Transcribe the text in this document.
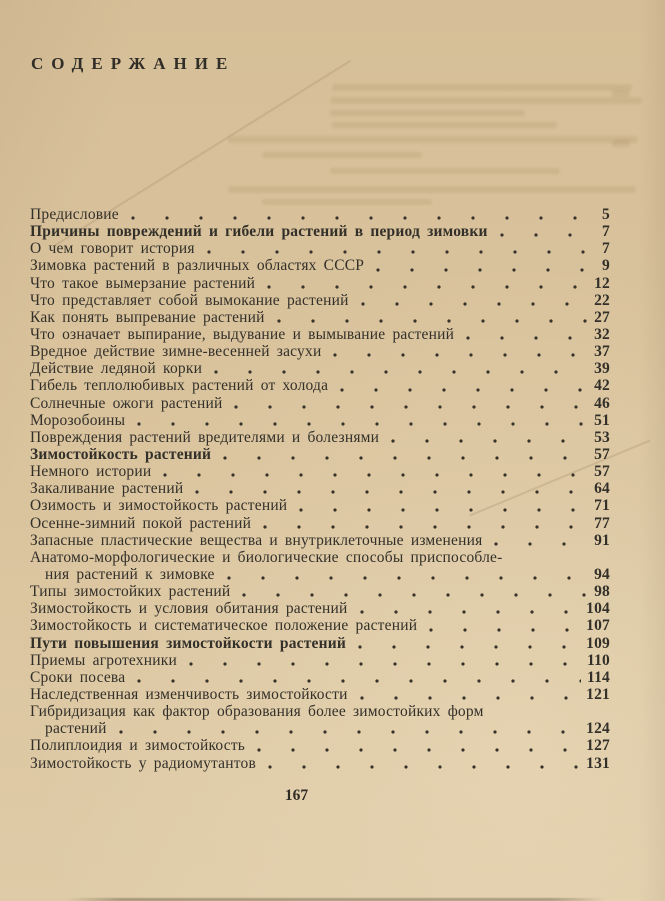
СОДЕРЖАНИЕ
Предисловие	5
Причины повреждений и гибели растений в период зимовки	7
О чем говорит история	7
Зимовка растений в различных областях СССР	9
Что такое вымерзание растений	12
Что представляет собой вымокание растений	22
Как понять выпревание растений	27
Что означает выпирание, выдувание и вымывание растений	32
Вредное действие зимне-весенней засухи	37
Действие ледяной корки	39
Гибель теплолюбивых растений от холода	42
Солнечные ожоги растений	46
Морозобоины	51
Повреждения растений вредителями и болезнями	53
Зимостойкость растений	57
Немного истории	57
Закаливание растений	64
Озимость и зимостойкость растений	71
Осенне-зимний покой растений	77
Запасные пластические вещества и внутриклеточные изменения	91
Анатомо-морфологические и биологические способы приспособле-
ния растений к зимовке	94
Типы зимостойких растений	98
Зимостойкость и условия обитания растений	104
Зимостойкость и систематическое положение растений	107
Пути повышения зимостойкости растений	109
Приемы агротехники	110
Сроки посева	114
Наследственная изменчивость зимостойкости	121
Гибридизация как фактор образования более зимостойких форм
растений	124
Полиплоидия и зимостойкость	127
Зимостойкость у радиомутантов	131
167
